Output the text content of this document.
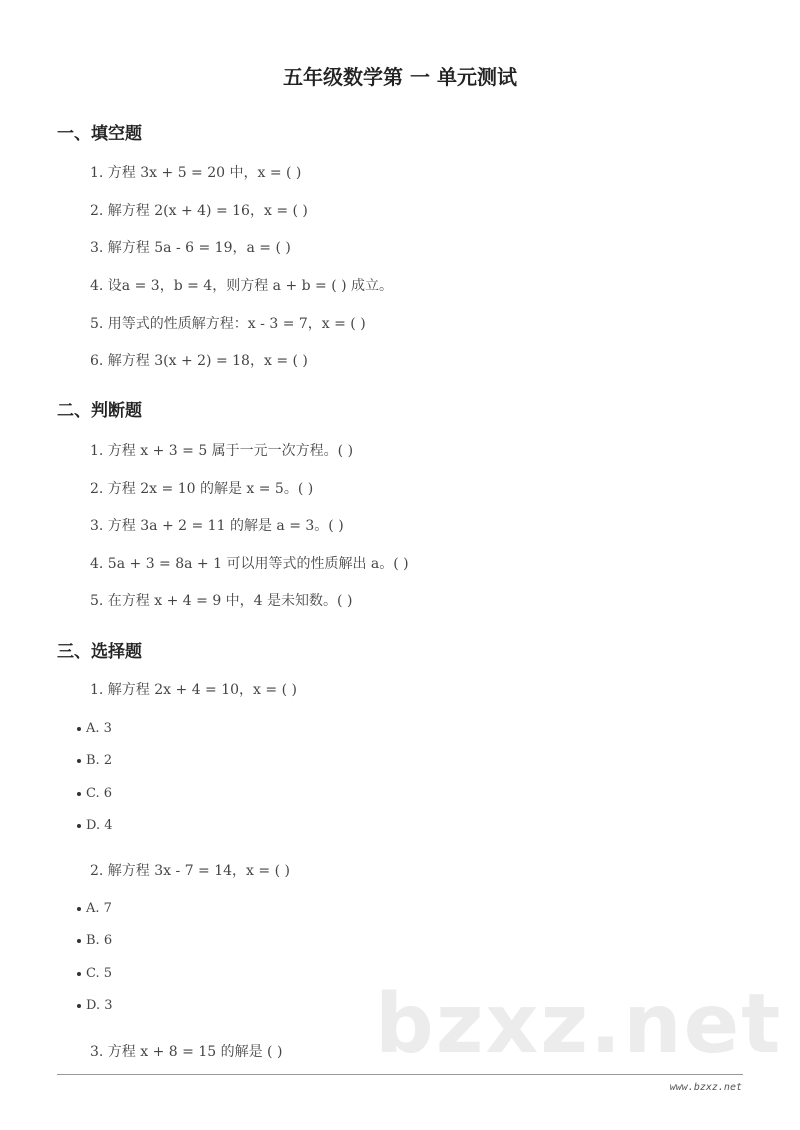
五年级数学第 一 单元测试
一、填空题
1. 方程 3x + 5 = 20 中，x = ( )
2. 解方程 2(x + 4) = 16，x = ( )
3. 解方程 5a - 6 = 19，a = ( )
4. 设a = 3，b = 4，则方程 a + b = ( ) 成立。
5. 用等式的性质解方程：x - 3 = 7，x = ( )
6. 解方程 3(x + 2) = 18，x = ( )
二、判断题
1. 方程 x + 3 = 5 属于一元一次方程。( )
2. 方程 2x = 10 的解是 x = 5。( )
3. 方程 3a + 2 = 11 的解是 a = 3。( )
4. 5a + 3 = 8a + 1 可以用等式的性质解出 a。( )
5. 在方程 x + 4 = 9 中，4 是未知数。( )
三、选择题
1. 解方程 2x + 4 = 10，x = ( )
A. 3
B. 2
C. 6
D. 4
2. 解方程 3x - 7 = 14，x = ( )
A. 7
B. 6
C. 5
D. 3	bzxz.net
3. 方程 x + 8 = 15 的解是 ( )
www.bzxz.net
